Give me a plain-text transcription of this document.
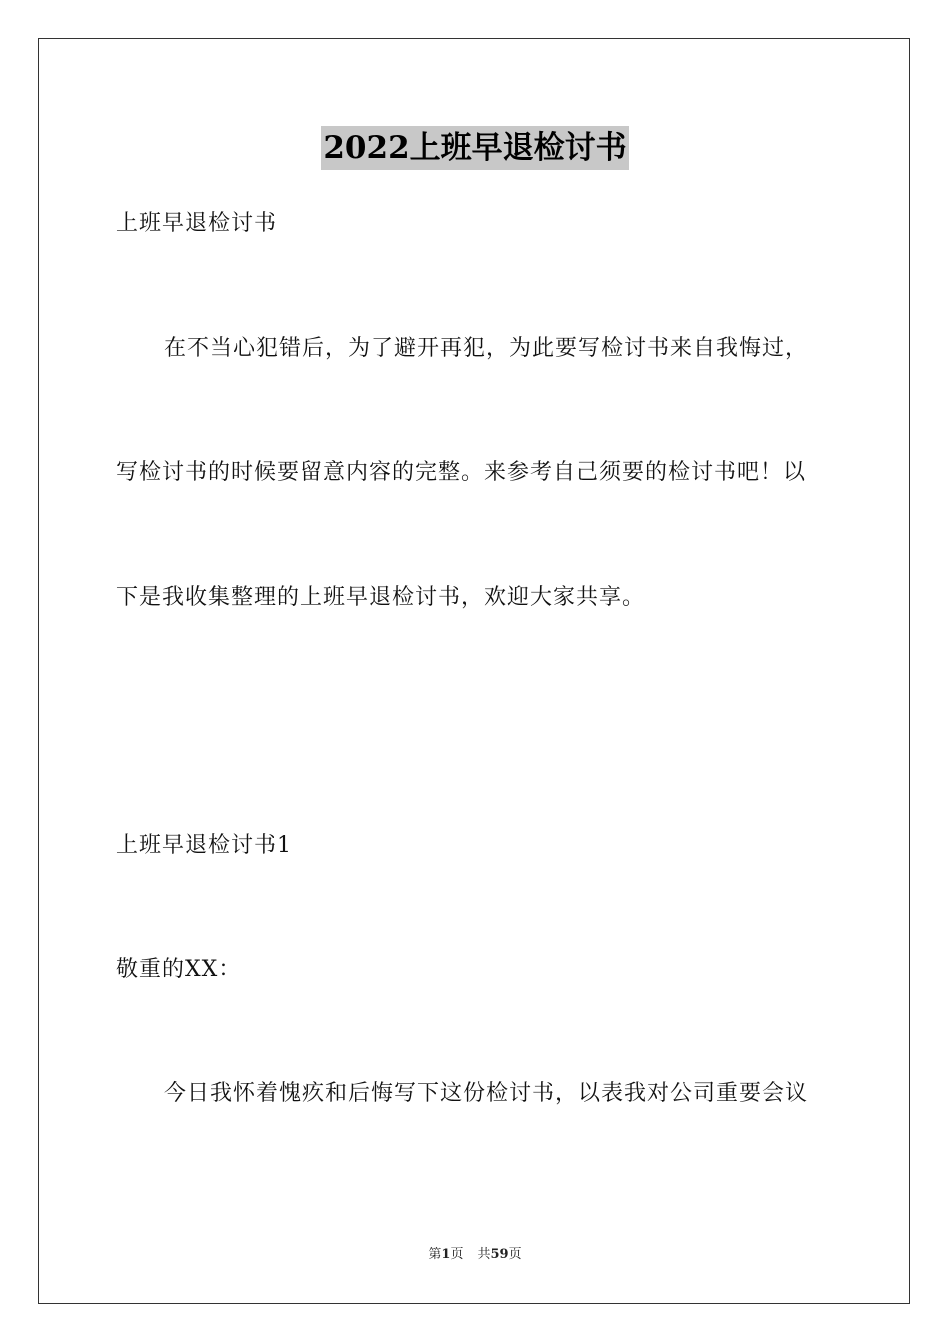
2022上班早退检讨书
上班早退检讨书
在不当心犯错后，为了避开再犯，为此要写检讨书来自我悔过，
写检讨书的时候要留意内容的完整。来参考自己须要的检讨书吧！以
下是我收集整理的上班早退检讨书，欢迎大家共享。
上班早退检讨书1
敬重的XX：
今日我怀着愧疚和后悔写下这份检讨书，以表我对公司重要会议
第1页 共59页
